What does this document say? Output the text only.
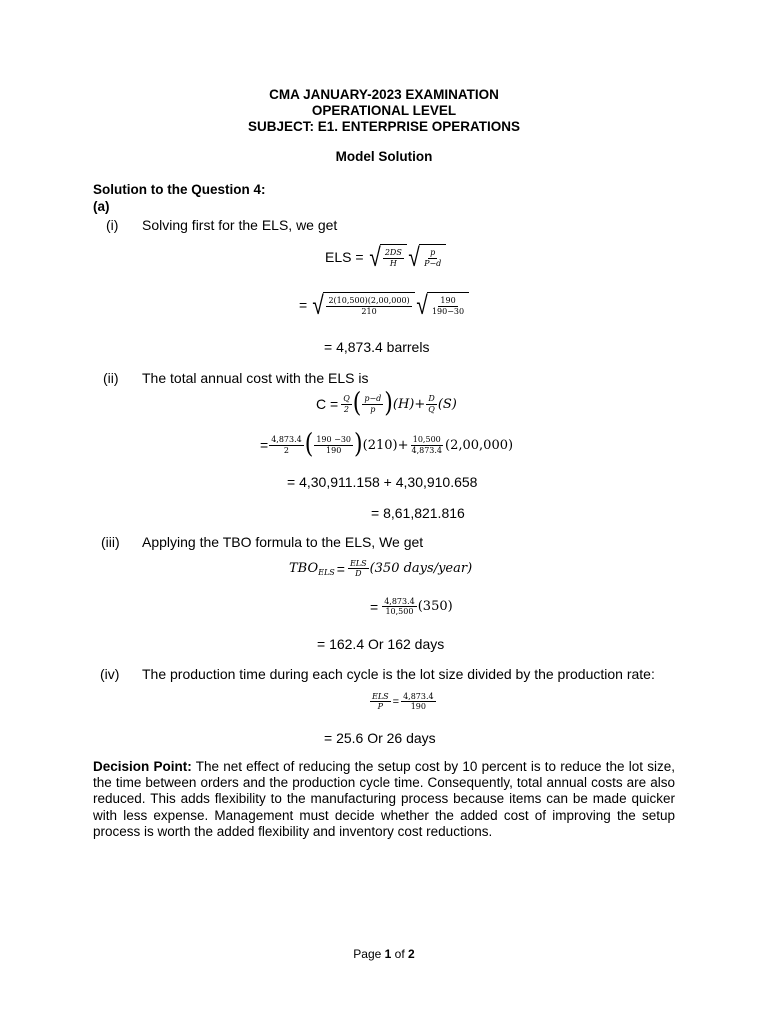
CMA JANUARY-2023 EXAMINATION
OPERATIONAL LEVEL
SUBJECT: E1. ENTERPRISE OPERATIONS
Model Solution
Solution to the Question 4:
(a)
(i) Solving first for the ELS, we get
ELS = √ $\frac{2DS}{H}$ √ $\frac{p}{P-d}$
= √ $\frac{2(10,500)(2,00,000)}{210}$ √ $\frac{190}{190-30}$
= 4,873.4 barrels
(ii) The total annual cost with the ELS is
$C = \frac{Q}{2}$ ( $\frac{p-d}{p}$ ) $(H)+ \frac{D}{Q} (S)$
= $\frac{4,873.4}{2}$ ( $\frac{190 -30}{190}$ ) $(210)+ \frac{10,500}{4,873.4} (2,00,000)$
= 4,30,911.158 + 4,30,910.658
= 8,61,821.816
(iii) Applying the TBO formula to the ELS, We get
TBO ELS = $\frac{\text{ELS}}{D} (350$ days/year)
= $\frac{4,873.4}{10,500} (350)$
= 162.4 Or 162 days
(iv) The production time during each cycle is the lot size divided by the production rate:
$\frac{\text{ELS}}{P} = \frac{4,873.4}{190}$
= 25.6 Or 26 days
Decision Point: The net effect of reducing the setup cost by 10 percent is to reduce the lot size, the time between orders and the production cycle time. Consequently, total annual costs are also reduced. This adds flexibility to the manufacturing process because items can be made quicker with less expense. Management must decide whether the added cost of improving the setup process is worth the added flexibility and inventory cost reductions.
Page 1 of 2
